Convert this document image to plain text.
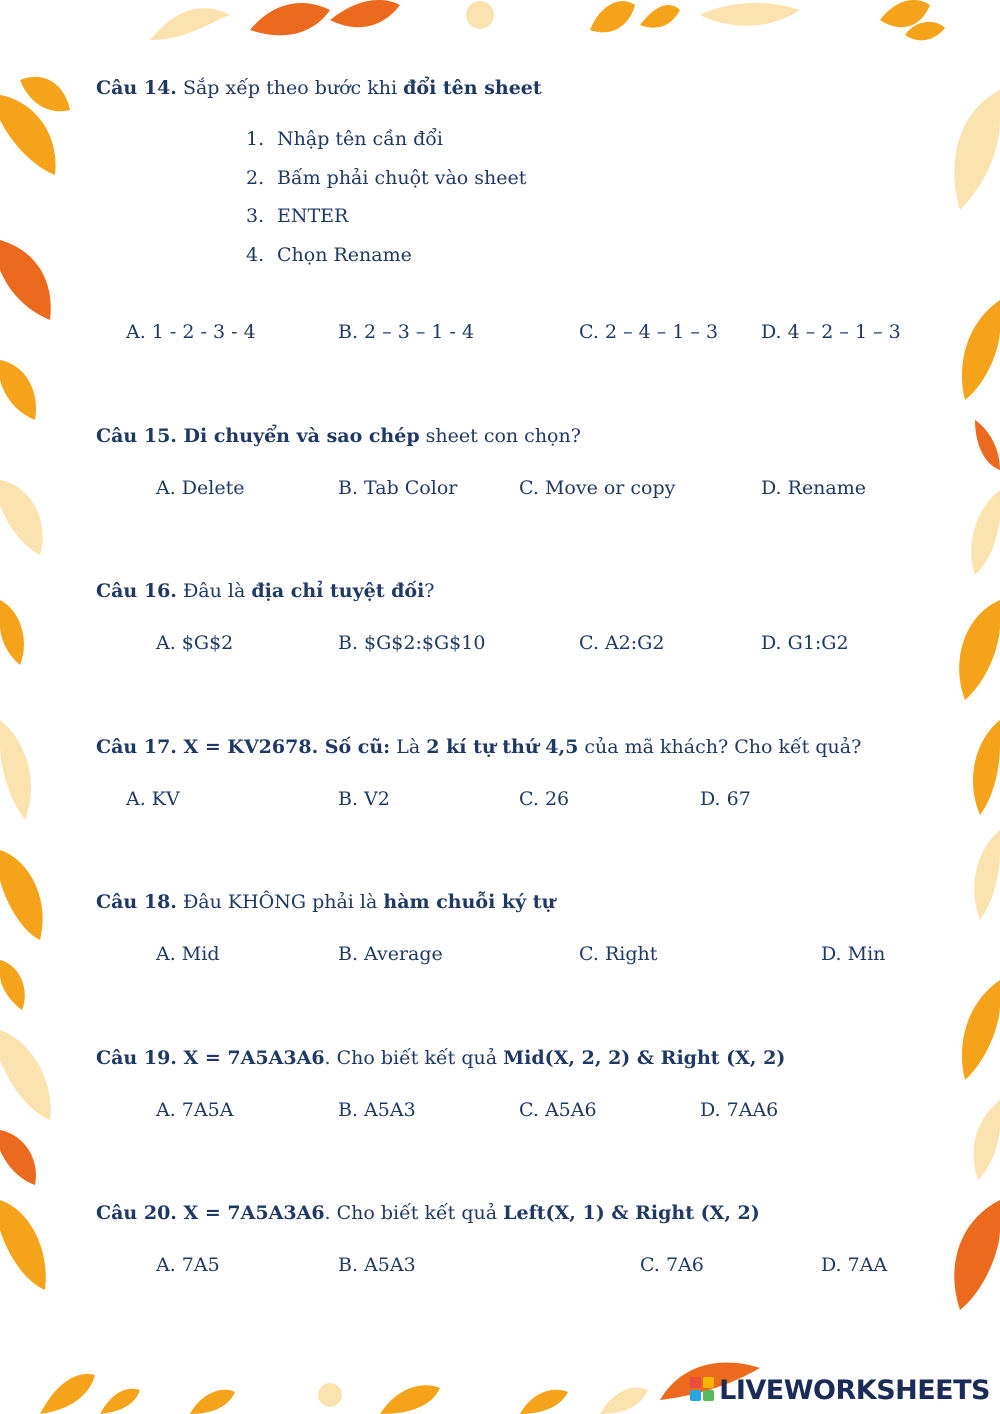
Câu 14. Sắp xếp theo bước khi đổi tên sheet
1. Nhập tên cần đổi
2. Bấm phải chuột vào sheet
3. ENTER
4. Chọn Rename
A. 1 - 2 - 3 - 4	B. 2 – 3 – 1 - 4	C. 2 – 4 – 1 – 3 D. 4 – 2 – 1 – 3
Câu 15. Di chuyển và sao chép sheet con chọn?
A. Delete	B. Tab Color	C. Move or copy	D. Rename
Câu 16. Đâu là địa chỉ tuyệt đối?
A. $G$2	B. $G$2:$G$10	C. A2:G2	D. G1:G2
Câu 17. X = KV2678. Số cũ: Là 2 kí tự thứ 4,5 của mã khách? Cho kết quả?
A. KV	B. V2	C. 26	D. 67
Câu 18. Đâu KHÔNG phải là hàm chuỗi ký tự
A. Mid	B. Average	C. Right	D. Min
Câu 19. X = 7A5A3A6. Cho biết kết quả Mid(X, 2, 2) & Right (X, 2)
A. 7A5A	B. A5A3	C. A5A6	D. 7AA6
Câu 20. X = 7A5A3A6. Cho biết kết quả Left(X, 1) & Right (X, 2)
A. 7A5	B. A5A3	C. 7A6	D. 7AA
LIVEWORKSHEETS
